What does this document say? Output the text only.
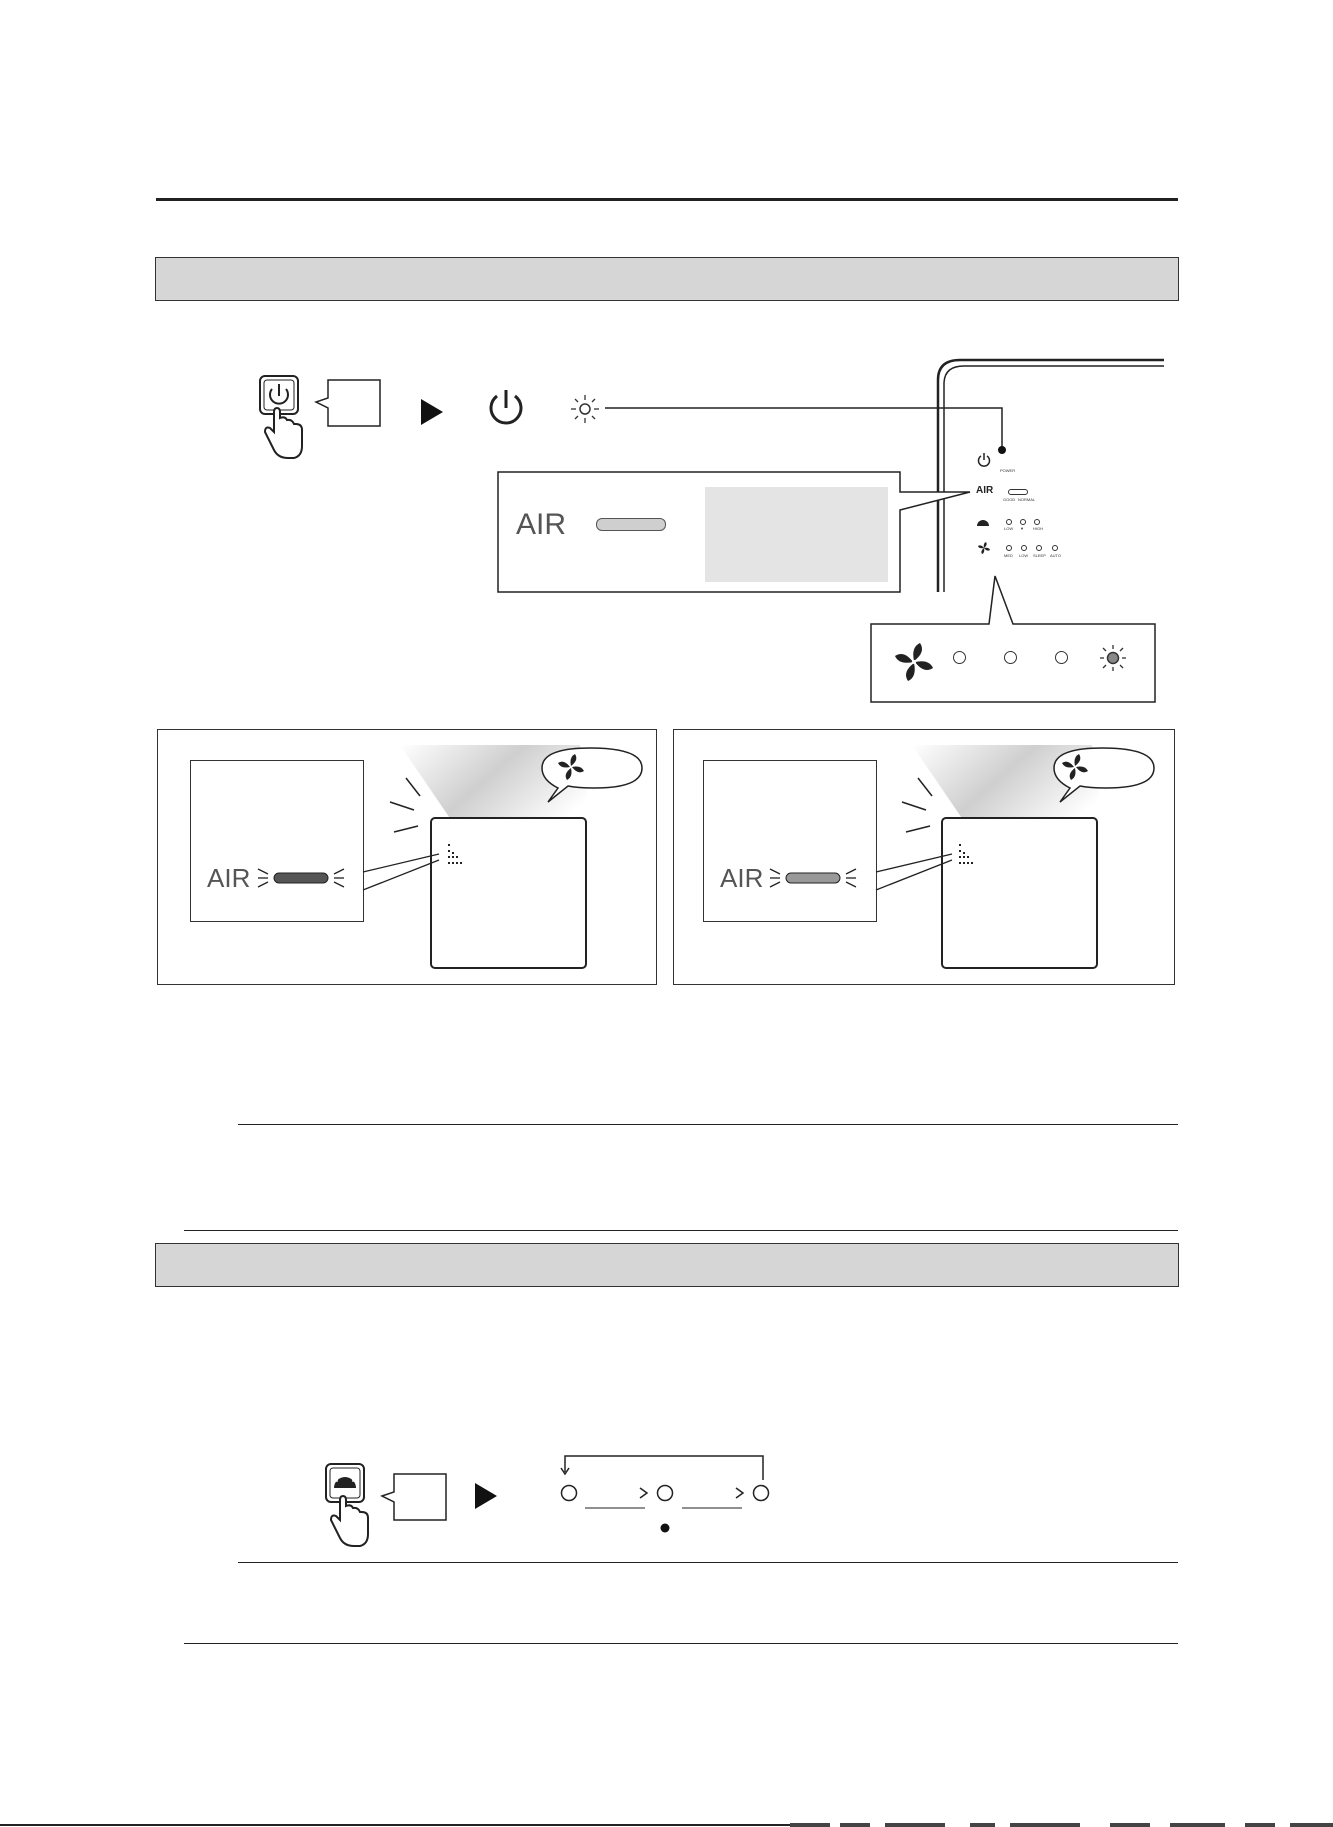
POWER
AIR
GOOD NORMAL
LOW ▼ HIGH
MED LOW SLEEP AUTO
AIR
AIR	AIR
